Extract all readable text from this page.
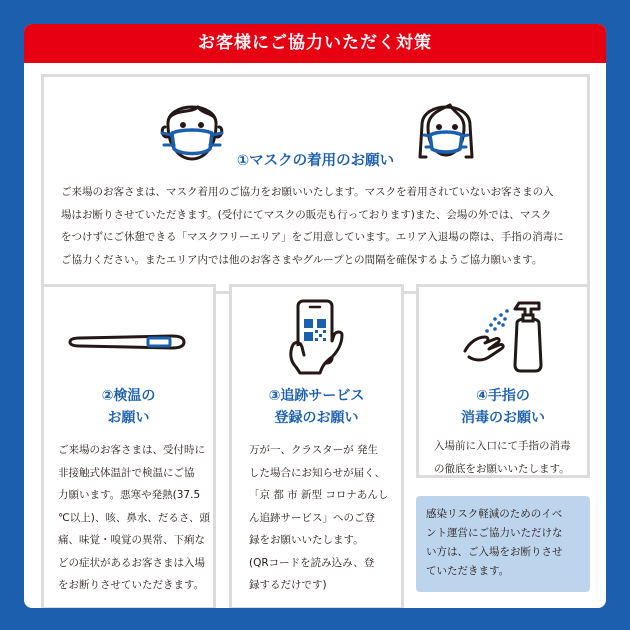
お客様にご協力いただく対策
①マスクの着用のお願い
ご来場のお客さまは、マスク着用のご協力をお願いいたします。マスクを着用されていないお客さまの入
場はお断りさせていただきます。(受付にてマスクの販売も行っております)また、会場の外では、マスク
をつけずにご休憩できる「マスクフリーエリア」をご用意しています。エリア入退場の際は、手指の消毒に
ご協力ください。またエリア内では他のお客さまやグループとの間隔を確保するようご協力願います。
②検温の
お願い
ご来場のお客さまは、受付時に
非接触式体温計で検温にご協
力願います。悪寒や発熱(37.5
℃以上)、咳、鼻水、だるさ、頭
痛、味覚・嗅覚の異常、下痢な
どの症状があるお客さまは入場
をお断りさせていただきます。
③追跡サービス
登録のお願い
万が一、クラスターが 発生
した場合にお知らせが届く、
「京 都 市 新型 コロナあんし
ん追跡サービス」へのご登
録をお願いいたします。
(QRコードを読み込み、登
録するだけです)
④手指の
消毒のお願い
入場前に入口にて手指の消毒
の徹底をお願いいたします。
感染リスク軽減のためのイベ
ント運営にご協力いただけな
い方は、ご入場をお断りさせ
ていただきます。
